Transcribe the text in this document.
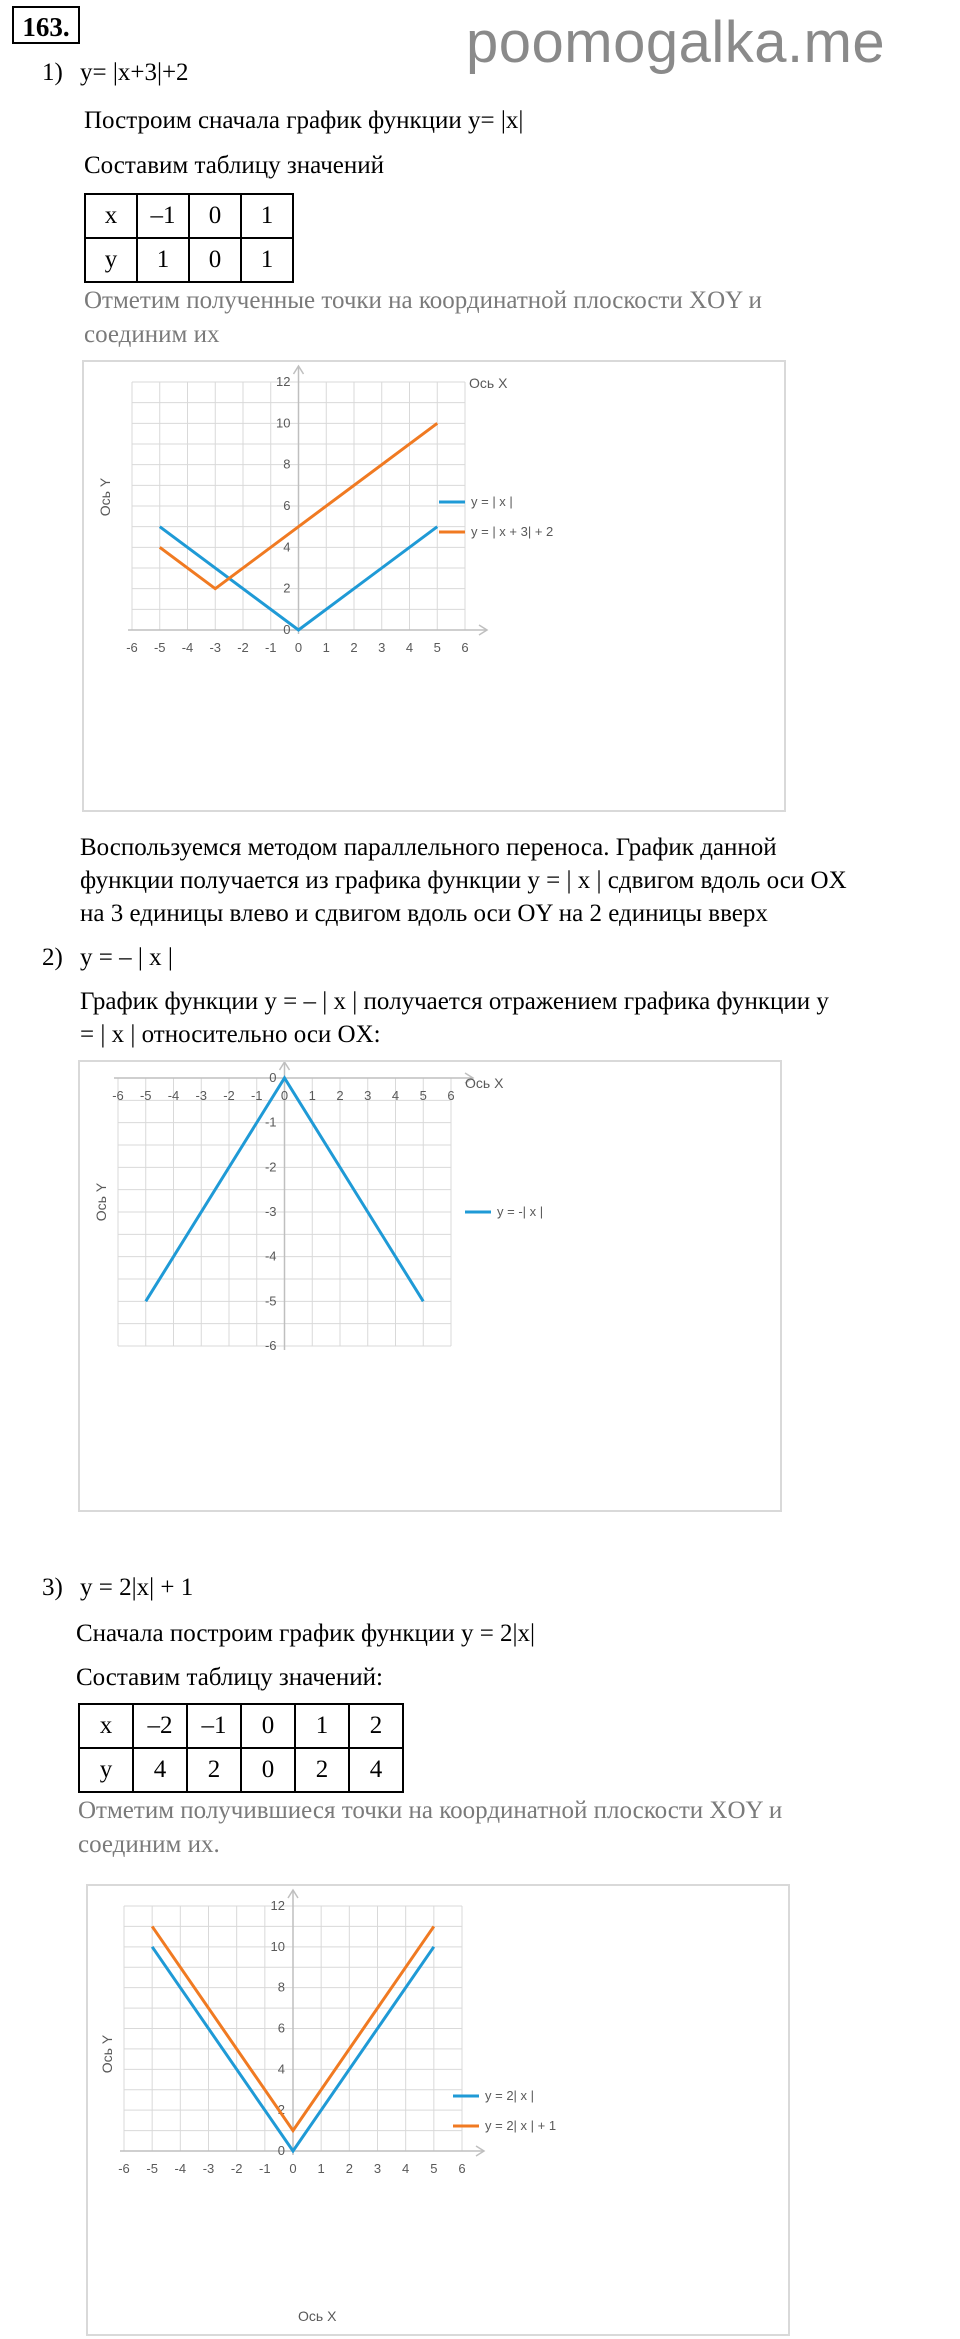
163.	poomogalka.me
1) y= |x+3|+2
Построим сначала график функции y= |x|
Составим таблицу значений
x	–1	0	1
y	1	0	1
Отметим полученные точки на координатной плоскости XOY и
соединим их
-6 -5 -4 -3 -2 -1 0 1 2 3 4 5 6
0
2
4
6
8
10
12
y = | x |
y = | x + 3| + 2
Ось X
Ось Y
Воспользуемся методом параллельного переноса. График данной
функции получается из графика функции y = | x | сдвигом вдоль оси OX
на 3 единицы влево и сдвигом вдоль оси OY на 2 единицы вверх
2) y = – | x |
График функции y = – | x | получается отражением графика функции y
= | x | относительно оси OX:
-6 -5 -4 -3 -2 -1 0 1 2 3 4 5 6
0
-1
-2
-3
-4
-5
-6
y = -| x |
Ось X
Ось Y
3) y = 2|x| + 1
Сначала построим график функции y = 2|x|
Составим таблицу значений:
x	–2	–1	0	1	2
y	4	2	0	2	4
Отметим получившиеся точки на координатной плоскости XOY и
соединим их.
-6 -5 -4 -3 -2 -1 0 1 2 3 4 5 6
0
2
4
6
8
10
12
y = 2| x |
y = 2| x | + 1
Ось X
Ось Y
